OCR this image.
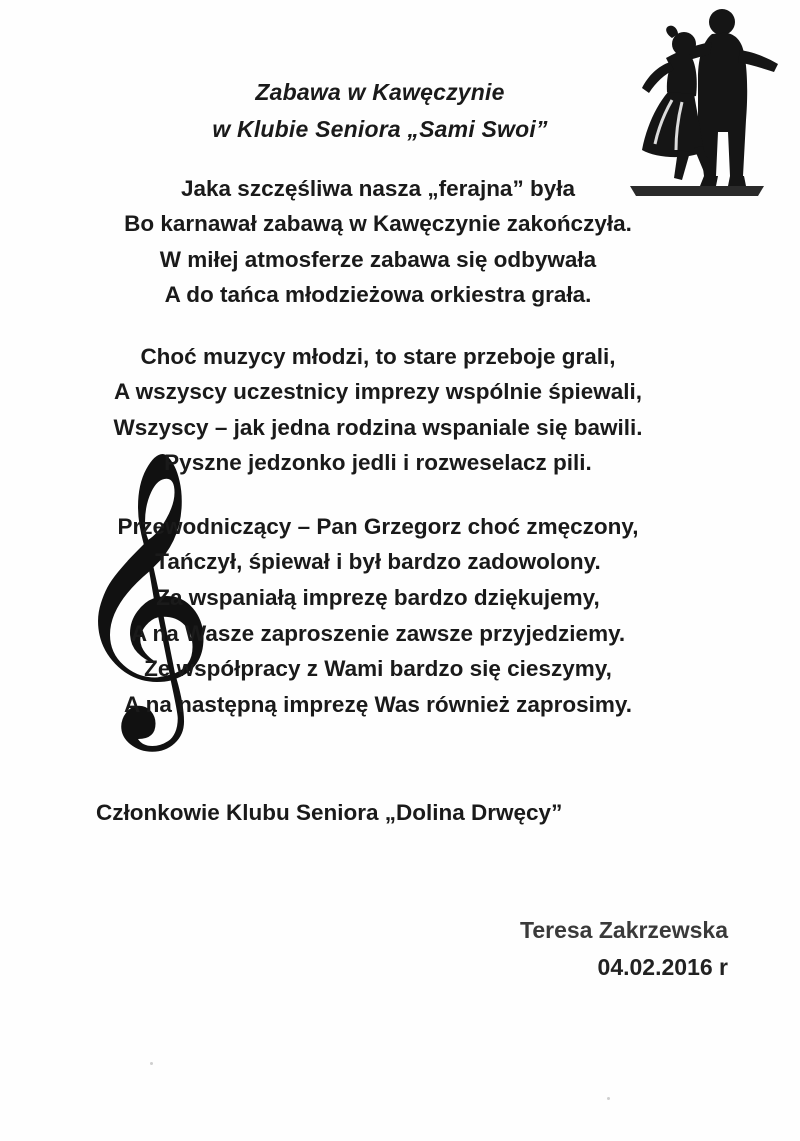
𝄞
Zabawa w Kawęczynie
w Klubie Seniora „Sami Swoi”
Jaka szczęśliwa nasza „ferajna” była
Bo karnawał zabawą w Kawęczynie zakończyła.
W miłej atmosferze zabawa się odbywała
A do tańca młodzieżowa orkiestra grała.
Choć muzycy młodzi, to stare przeboje grali,
A wszyscy uczestnicy imprezy wspólnie śpiewali,
Wszyscy – jak jedna rodzina wspaniale się bawili.
Pyszne jedzonko jedli i rozweselacz pili.
Przewodniczący – Pan Grzegorz choć zmęczony,
Tańczył, śpiewał i był bardzo zadowolony.
Za wspaniałą imprezę bardzo dziękujemy,
A na Wasze zaproszenie zawsze przyjedziemy.
Ze współpracy z Wami bardzo się cieszymy,
A na następną imprezę Was również zaprosimy.
Członkowie Klubu Seniora „Dolina Drwęcy”
Teresa Zakrzewska
04.02.2016 r
